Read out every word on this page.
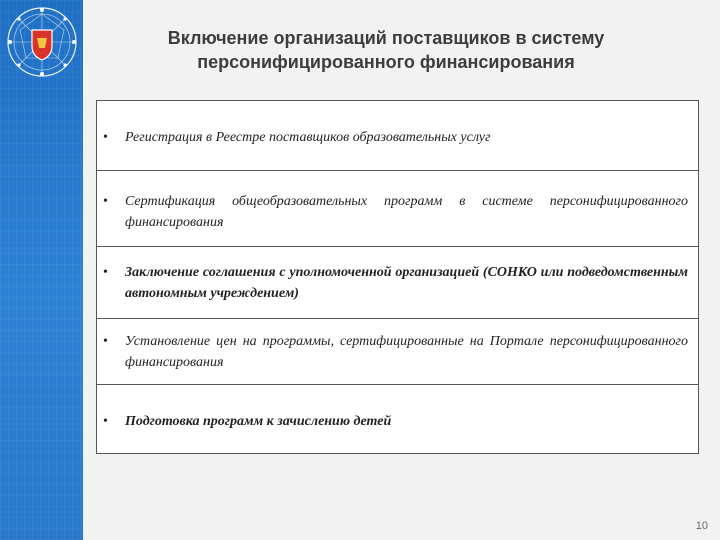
Включение организаций поставщиков в систему
персонифицированного финансирования
• Регистрация в Реестре поставщиков образовательных услуг
• Сертификация общеобразовательных программ в системе персонифицированного финансирования
• Заключение соглашения с уполномоченной организацией (СОНКО или подведомственным автономным учреждением)
• Установление цен на программы, сертифицированные на Портале персонифицированного финансирования
• Подготовка программ к зачислению детей
10
